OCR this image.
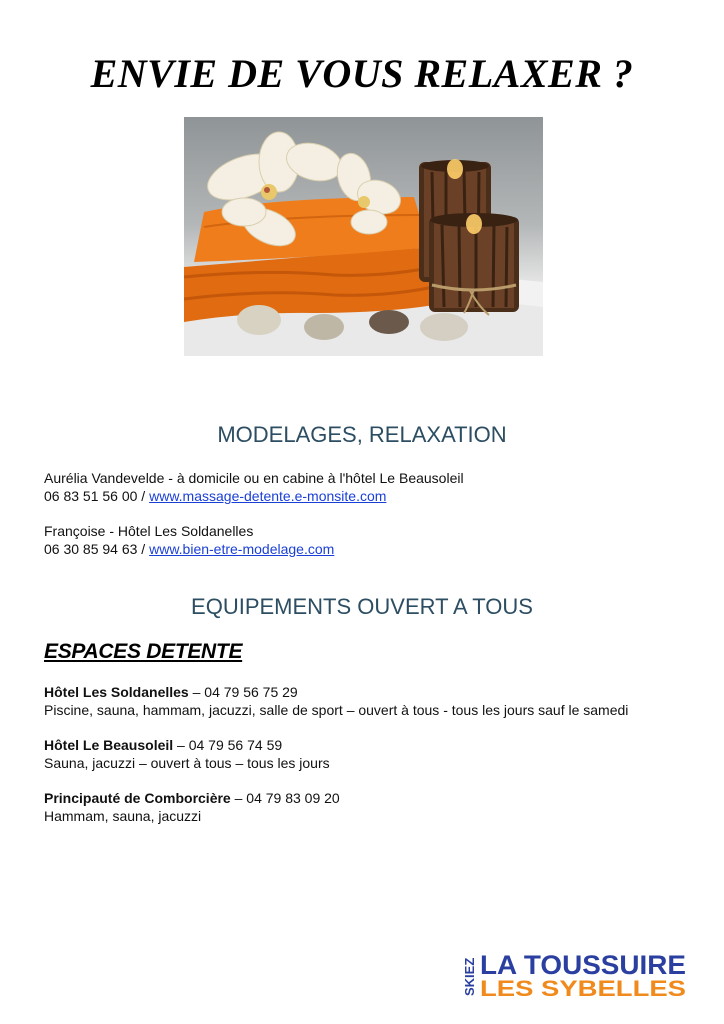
ENVIE DE VOUS RELAXER ?
MODELAGES, RELAXATION
Aurélia Vandevelde - à domicile ou en cabine à l'hôtel Le Beausoleil
06 83 51 56 00 / www.massage-detente.e-monsite.com
Françoise - Hôtel Les Soldanelles
06 30 85 94 63 / www.bien-etre-modelage.com
EQUIPEMENTS OUVERT A TOUS
ESPACES DETENTE
Hôtel Les Soldanelles – 04 79 56 75 29
Piscine, sauna, hammam, jacuzzi, salle de sport – ouvert à tous - tous les jours sauf le samedi
Hôtel Le Beausoleil – 04 79 56 74 59
Sauna, jacuzzi – ouvert à tous – tous les jours
Principauté de Comborcière – 04 79 83 09 20
Hammam, sauna, jacuzzi
SKIEZ LA TOUSSUIRE
LES SYBELLES
